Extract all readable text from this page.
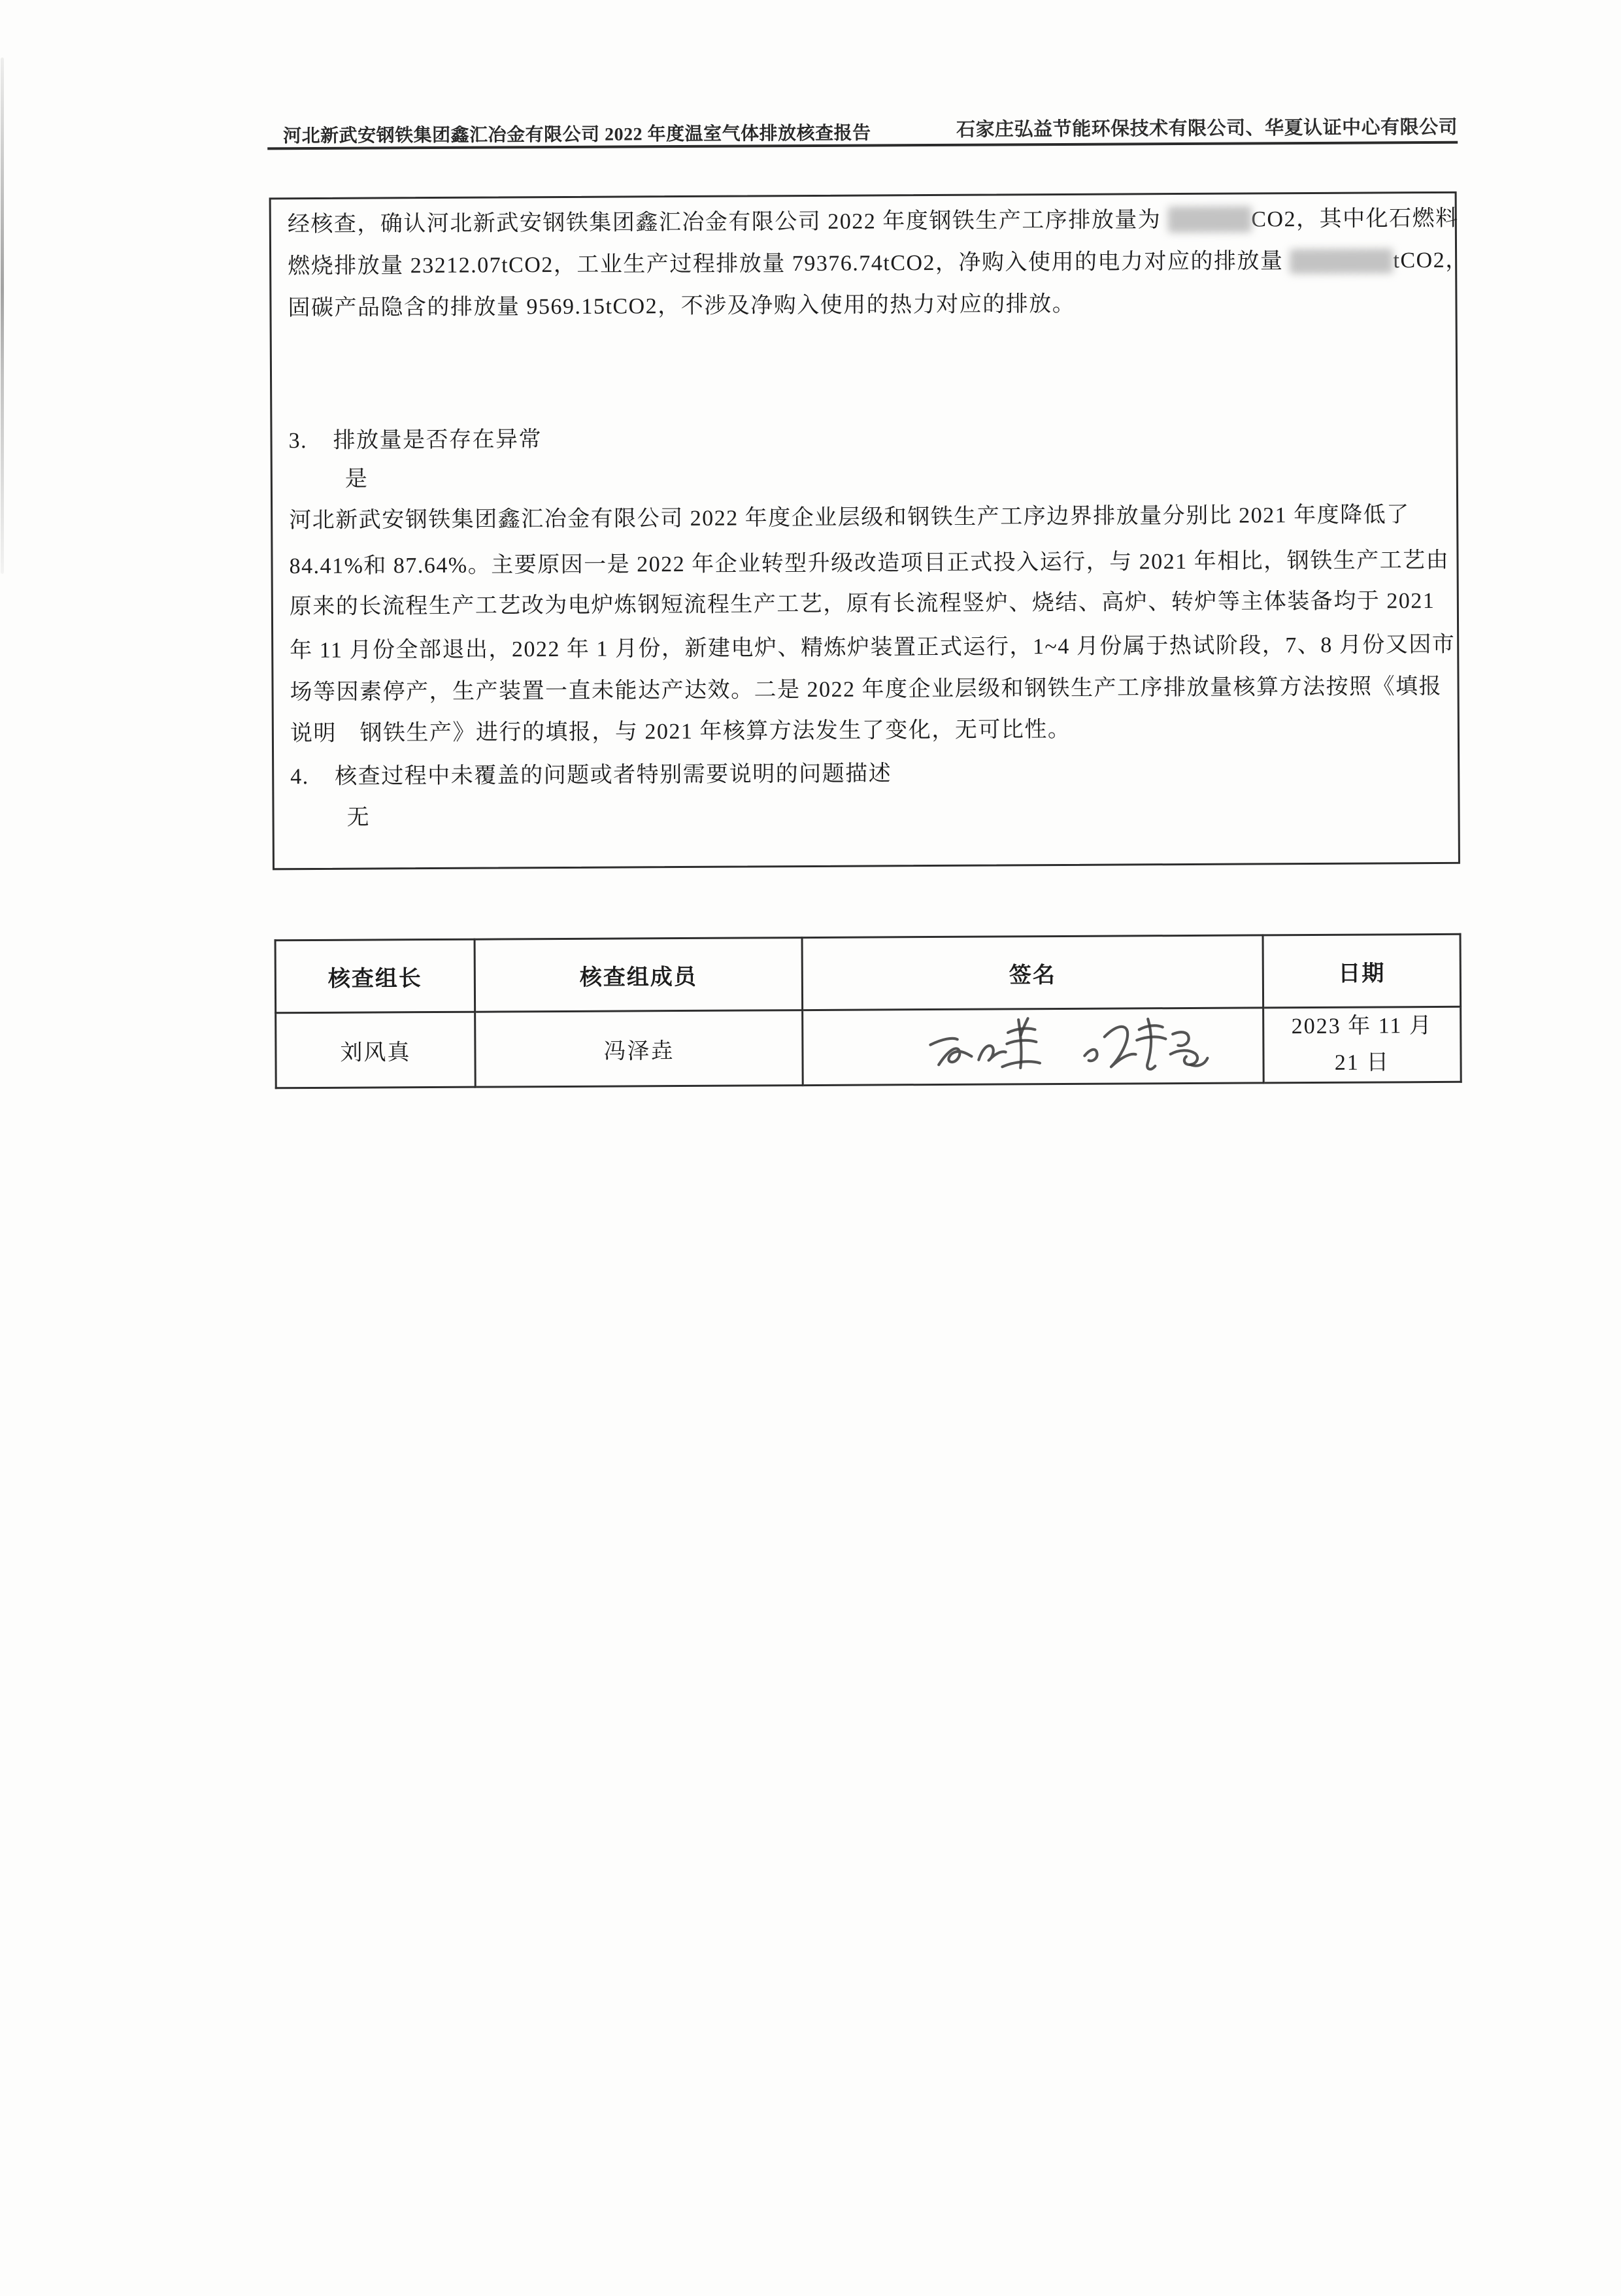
河北新武安钢铁集团鑫汇冶金有限公司 2022 年度温室气体排放核查报告	石家庄弘益节能环保技术有限公司、华夏认证中心有限公司
经核查，确认河北新武安钢铁集团鑫汇冶金有限公司 2022 年度钢铁生产工序排放量为	CO2，其中化石燃料
燃烧排放量 23212.07tCO2，工业生产过程排放量 79376.74tCO2，净购入使用的电力对应的排放量	tCO2，
固碳产品隐含的排放量 9569.15tCO2，不涉及净购入使用的热力对应的排放。
3. 排放量是否存在异常
是
河北新武安钢铁集团鑫汇冶金有限公司 2022 年度企业层级和钢铁生产工序边界排放量分别比 2021 年度降低了
84.41%和 87.64%。主要原因一是 2022 年企业转型升级改造项目正式投入运行，与 2021 年相比，钢铁生产工艺由
原来的长流程生产工艺改为电炉炼钢短流程生产工艺，原有长流程竖炉、烧结、高炉、转炉等主体装备均于 2021
年 11 月份全部退出，2022 年 1 月份，新建电炉、精炼炉装置正式运行，1~4 月份属于热试阶段，7、8 月份又因市
场等因素停产，生产装置一直未能达产达效。二是 2022 年度企业层级和钢铁生产工序排放量核算方法按照《填报
说明　钢铁生产》进行的填报，与 2021 年核算方法发生了变化，无可比性。
4. 核查过程中未覆盖的问题或者特别需要说明的问题描述
无
核查组长	核查组成员	签名	日期
刘风真	冯泽垚		2023 年 11 月 21 日
